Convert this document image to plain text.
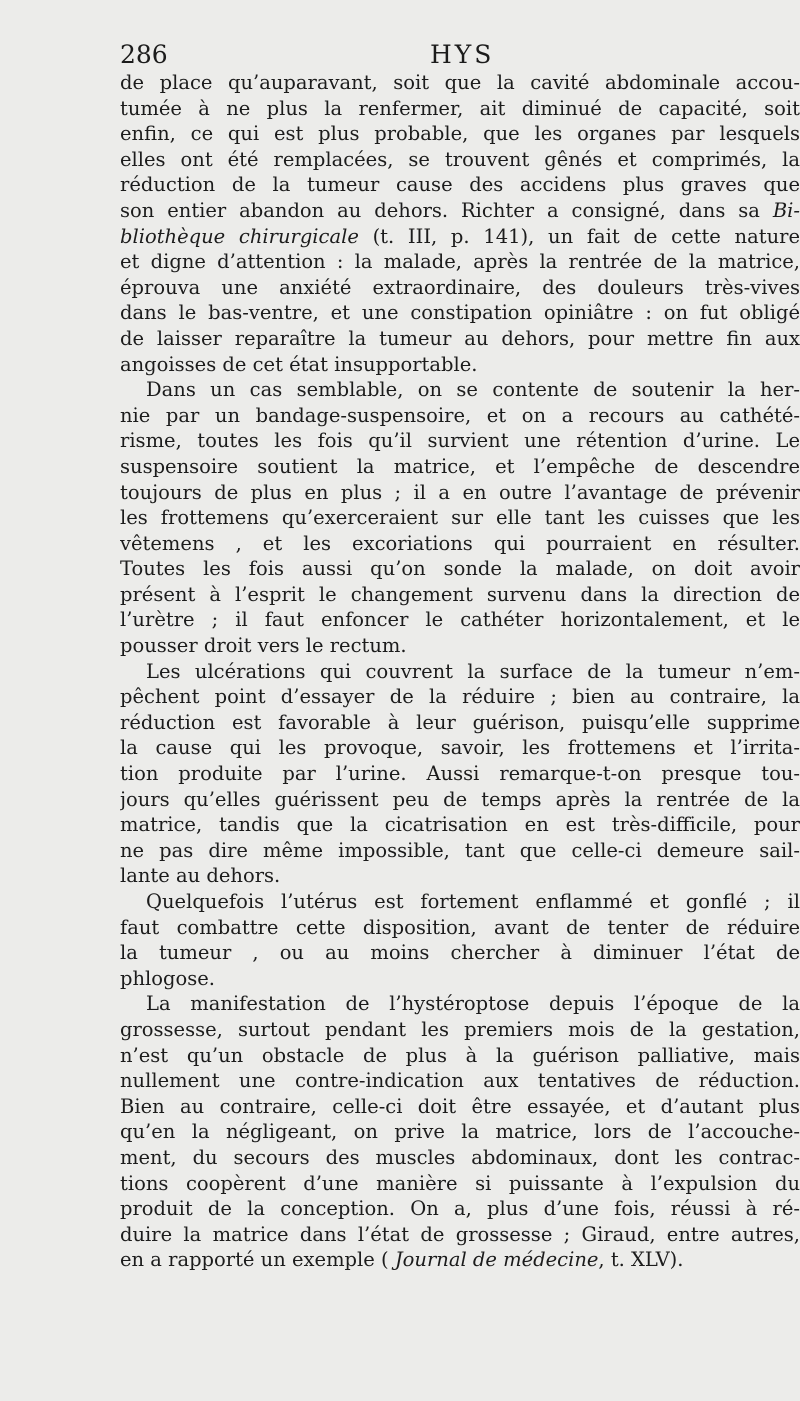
286	HYS
de place qu’auparavant, soit que la cavité abdominale accou-
tumée à ne plus la renfermer, ait diminué de capacité, soit
enfin, ce qui est plus probable, que les organes par lesquels
elles ont été remplacées, se trouvent gênés et comprimés, la
réduction de la tumeur cause des accidens plus graves que
son entier abandon au dehors. Richter a consigné, dans sa Bi-
bliothèque chirurgicale (t. III, p. 141), un fait de cette nature
et digne d’attention : la malade, après la rentrée de la matrice,
éprouva une anxiété extraordinaire, des douleurs très-vives
dans le bas-ventre, et une constipation opiniâtre : on fut obligé
de laisser reparaître la tumeur au dehors, pour mettre fin aux
angoisses de cet état insupportable.
Dans un cas semblable, on se contente de soutenir la her-
nie par un bandage-suspensoire, et on a recours au cathété-
risme, toutes les fois qu’il survient une rétention d’urine. Le
suspensoire soutient la matrice, et l’empêche de descendre
toujours de plus en plus ; il a en outre l’avantage de prévenir
les frottemens qu’exerceraient sur elle tant les cuisses que les
vêtemens , et les excoriations qui pourraient en résulter.
Toutes les fois aussi qu’on sonde la malade, on doit avoir
présent à l’esprit le changement survenu dans la direction de
l’urètre ; il faut enfoncer le cathéter horizontalement, et le
pousser droit vers le rectum.
Les ulcérations qui couvrent la surface de la tumeur n’em-
pêchent point d’essayer de la réduire ; bien au contraire, la
réduction est favorable à leur guérison, puisqu’elle supprime
la cause qui les provoque, savoir, les frottemens et l’irrita-
tion produite par l’urine. Aussi remarque-t-on presque tou-
jours qu’elles guérissent peu de temps après la rentrée de la
matrice, tandis que la cicatrisation en est très-difficile, pour
ne pas dire même impossible, tant que celle-ci demeure sail-
lante au dehors.
Quelquefois l’utérus est fortement enflammé et gonflé ; il
faut combattre cette disposition, avant de tenter de réduire
la tumeur , ou au moins chercher à diminuer l’état de
phlogose.
La manifestation de l’hystéroptose depuis l’époque de la
grossesse, surtout pendant les premiers mois de la gestation,
n’est qu’un obstacle de plus à la guérison palliative, mais
nullement une contre-indication aux tentatives de réduction.
Bien au contraire, celle-ci doit être essayée, et d’autant plus
qu’en la négligeant, on prive la matrice, lors de l’accouche-
ment, du secours des muscles abdominaux, dont les contrac-
tions coopèrent d’une manière si puissante à l’expulsion du
produit de la conception. On a, plus d’une fois, réussi à ré-
duire la matrice dans l’état de grossesse ; Giraud, entre autres,
en a rapporté un exemple ( Journal de médecine, t. XLV).
